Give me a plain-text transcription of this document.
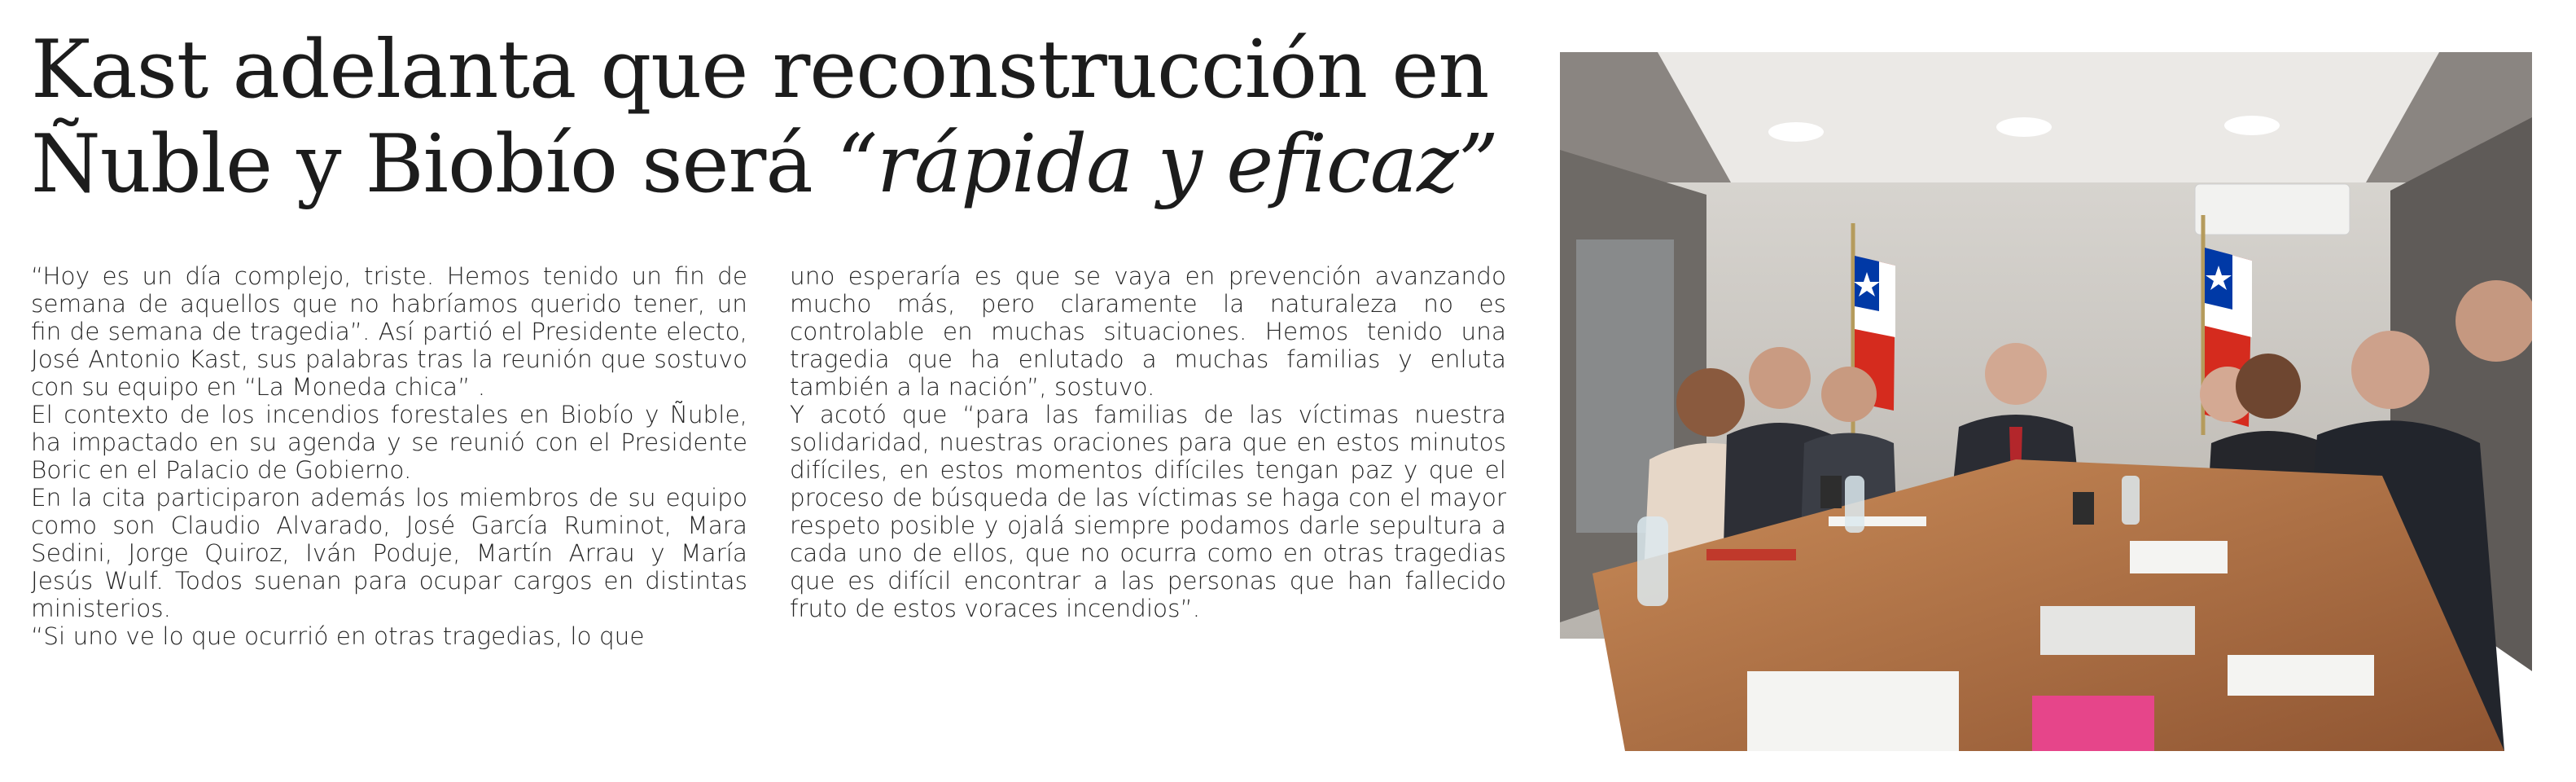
Kast adelanta que reconstrucción en Ñuble y Biobío será “rápida y eficaz”

“Hoy es un día complejo, triste. Hemos tenido un fin de semana de aquellos que no habríamos querido tener, un fin de semana de tragedia”. Así partió el Presidente electo, José Antonio Kast, sus palabras tras la reunión que sostuvo con su equipo en “La Moneda chica” .

El contexto de los incendios forestales en Biobío y Ñuble, ha impactado en su agenda y se reunió con el Presidente Boric en el Palacio de Gobierno.

En la cita participaron además los miembros de su equipo como son Claudio Alvarado, José García Ruminot, Mara Sedini, Jorge Quiroz, Iván Poduje, Martín Arrau y María Jesús Wulf. Todos suenan para ocupar cargos en distintas ministerios.

“Si uno ve lo que ocurrió en otras tragedias, lo que

uno esperaría es que se vaya en prevención avanzando mucho más, pero claramente la naturaleza no es controlable en muchas situaciones. Hemos tenido una tragedia que ha enlutado a muchas familias y enluta también a la nación”, sostuvo.

Y acotó que “para las familias de las víctimas nuestra solidaridad, nuestras oraciones para que en estos minutos difíciles, en estos momentos difíciles tengan paz y que el proceso de búsqueda de las víctimas se haga con el mayor respeto posible y ojalá siempre podamos darle sepultura a cada uno de ellos, que no ocurra como en otras tragedias que es difícil encontrar a las personas que han fallecido fruto de estos voraces incendios”.
